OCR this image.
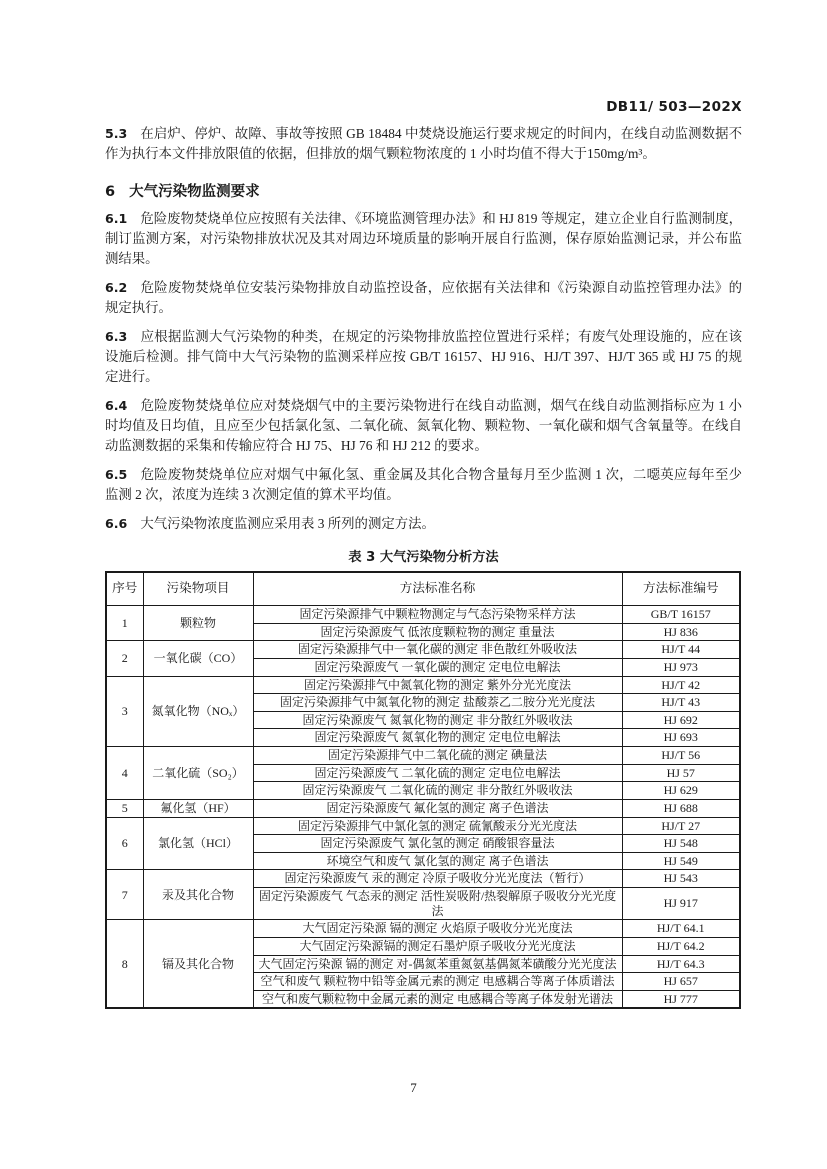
DB11/ 503—202X

5.3 在启炉、停炉、故障、事故等按照 GB 18484 中焚烧设施运行要求规定的时间内，在线自动监测数据不作为执行本文件排放限值的依据，但排放的烟气颗粒物浓度的 1 小时均值不得大于150mg/m³。

6 大气污染物监测要求

6.1 危险废物焚烧单位应按照有关法律、《环境监测管理办法》和 HJ 819 等规定，建立企业自行监测制度，制订监测方案，对污染物排放状况及其对周边环境质量的影响开展自行监测，保存原始监测记录，并公布监测结果。

6.2 危险废物焚烧单位安装污染物排放自动监控设备，应依据有关法律和《污染源自动监控管理办法》的规定执行。

6.3 应根据监测大气污染物的种类，在规定的污染物排放监控位置进行采样；有废气处理设施的，应在该设施后检测。排气筒中大气污染物的监测采样应按 GB/T 16157、HJ 916、HJ/T 397、HJ/T 365 或 HJ 75 的规定进行。

6.4 危险废物焚烧单位应对焚烧烟气中的主要污染物进行在线自动监测，烟气在线自动监测指标应为 1 小时均值及日均值，且应至少包括氯化氢、二氧化硫、氮氧化物、颗粒物、一氧化碳和烟气含氧量等。在线自动监测数据的采集和传输应符合 HJ 75、HJ 76 和 HJ 212 的要求。

6.5 危险废物焚烧单位应对烟气中氟化氢、重金属及其化合物含量每月至少监测 1 次，二噁英应每年至少监测 2 次，浓度为连续 3 次测定值的算术平均值。

6.6 大气污染物浓度监测应采用表 3 所列的测定方法。

表 3 大气污染物分析方法
序号	污染物项目	方法标准名称	方法标准编号
1	颗粒物	固定污染源排气中颗粒物测定与气态污染物采样方法	GB/T 16157
		固定污染源废气 低浓度颗粒物的测定 重量法	HJ 836
2	一氧化碳（CO）	固定污染源排气中一氧化碳的测定 非色散红外吸收法	HJ/T 44
		固定污染源废气 一氧化碳的测定 定电位电解法	HJ 973
3	氮氧化物（NOₓ）	固定污染源排气中氮氧化物的测定 紫外分光光度法	HJ/T 42
		固定污染源排气中氮氧化物的测定 盐酸萘乙二胺分光光度法	HJ/T 43
		固定污染源废气 氮氧化物的测定 非分散红外吸收法	HJ 692
		固定污染源废气 氮氧化物的测定 定电位电解法	HJ 693
4	二氧化硫（SO₂）	固定污染源排气中二氧化硫的测定 碘量法	HJ/T 56
		固定污染源废气 二氧化硫的测定 定电位电解法	HJ 57
		固定污染源废气 二氧化硫的测定 非分散红外吸收法	HJ 629
5	氟化氢（HF）	固定污染源废气 氟化氢的测定 离子色谱法	HJ 688
6	氯化氢（HCl）	固定污染源排气中氯化氢的测定 硫氰酸汞分光光度法	HJ/T 27
		固定污染源废气 氯化氢的测定 硝酸银容量法	HJ 548
		环境空气和废气 氯化氢的测定 离子色谱法	HJ 549
7	汞及其化合物	固定污染源废气 汞的测定 冷原子吸收分光光度法（暂行）	HJ 543
		固定污染源废气 气态汞的测定 活性炭吸附/热裂解原子吸收分光光度法	HJ 917
8	镉及其化合物	大气固定污染源 镉的测定 火焰原子吸收分光光度法	HJ/T 64.1
		大气固定污染源镉的测定石墨炉原子吸收分光光度法	HJ/T 64.2
		大气固定污染源 镉的测定 对-偶氮苯重氮氨基偶氮苯磺酸分光光度法	HJ/T 64.3
		空气和废气 颗粒物中铅等金属元素的测定 电感耦合等离子体质谱法	HJ 657
		空气和废气颗粒物中金属元素的测定 电感耦合等离子体发射光谱法	HJ 777
7
